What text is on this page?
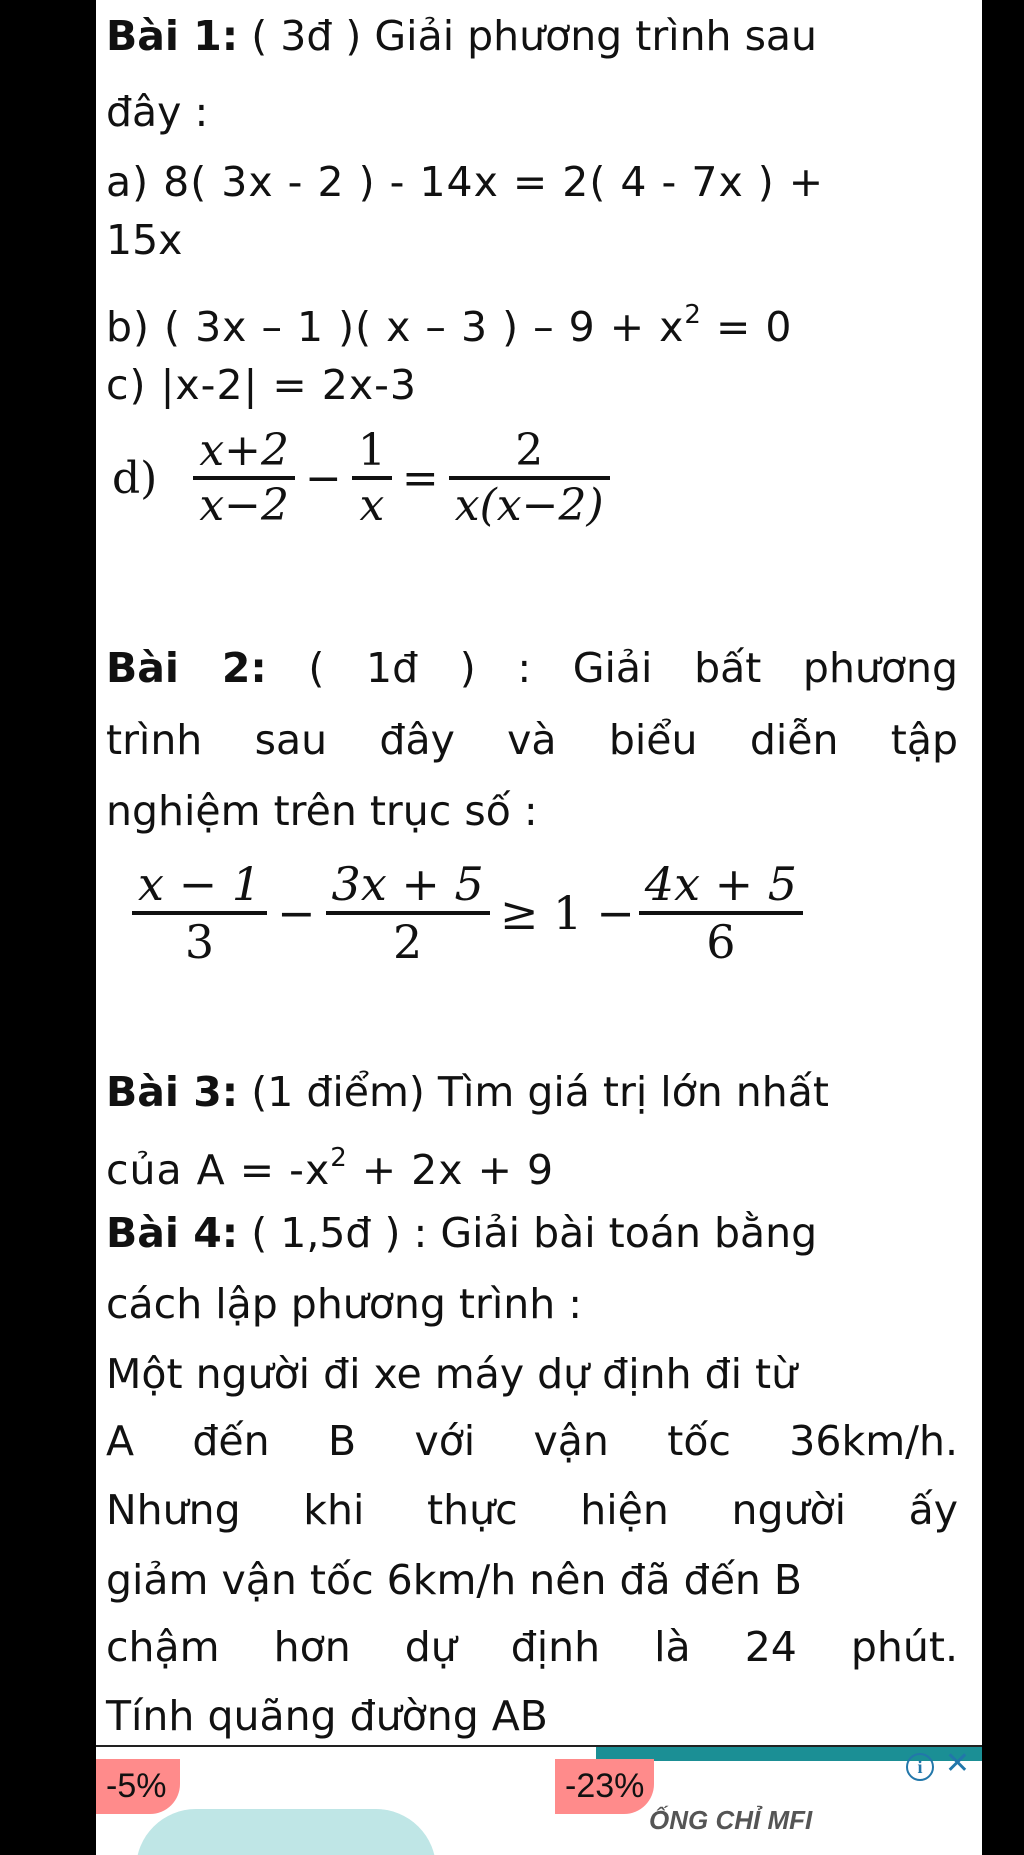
Bài 1: ( 3đ ) Giải phương trình sau
đây :
a) 8( 3x - 2 ) - 14x = 2( 4 - 7x ) +
15x
b) ( 3x – 1 )( x – 3 ) – $9 + x^2 = 0$
c) |x-2| = 2x-3
$d) \frac{x+2}{x-2} - \frac{1}{x} = \frac{2}{x(x-2)}$
Bài 2: ( 1đ ) : Giải bất phương
trình sau đây và biểu diễn tập
nghiệm trên trục số :
$\frac{x - 1}{3} - \frac{3x + 5}{2} \ge 1 - \frac{4x + 5}{6}$
Bài 3: (1 điểm) Tìm giá trị lớn nhất
của $A = -x^2 + 2x + 9$
Bài 4: ( 1,5đ ) : Giải bài toán bằng
cách lập phương trình :
Một người đi xe máy dự định đi từ
A đến B với vận tốc 36km/h.
Nhưng khi thực hiện người ấy
giảm vận tốc 6km/h nên đã đến B
chậm hơn dự định là 24 phút.
Tính quãng đường AB
-5%	-23%
ỐNG CHỈ MFI
i ✕
